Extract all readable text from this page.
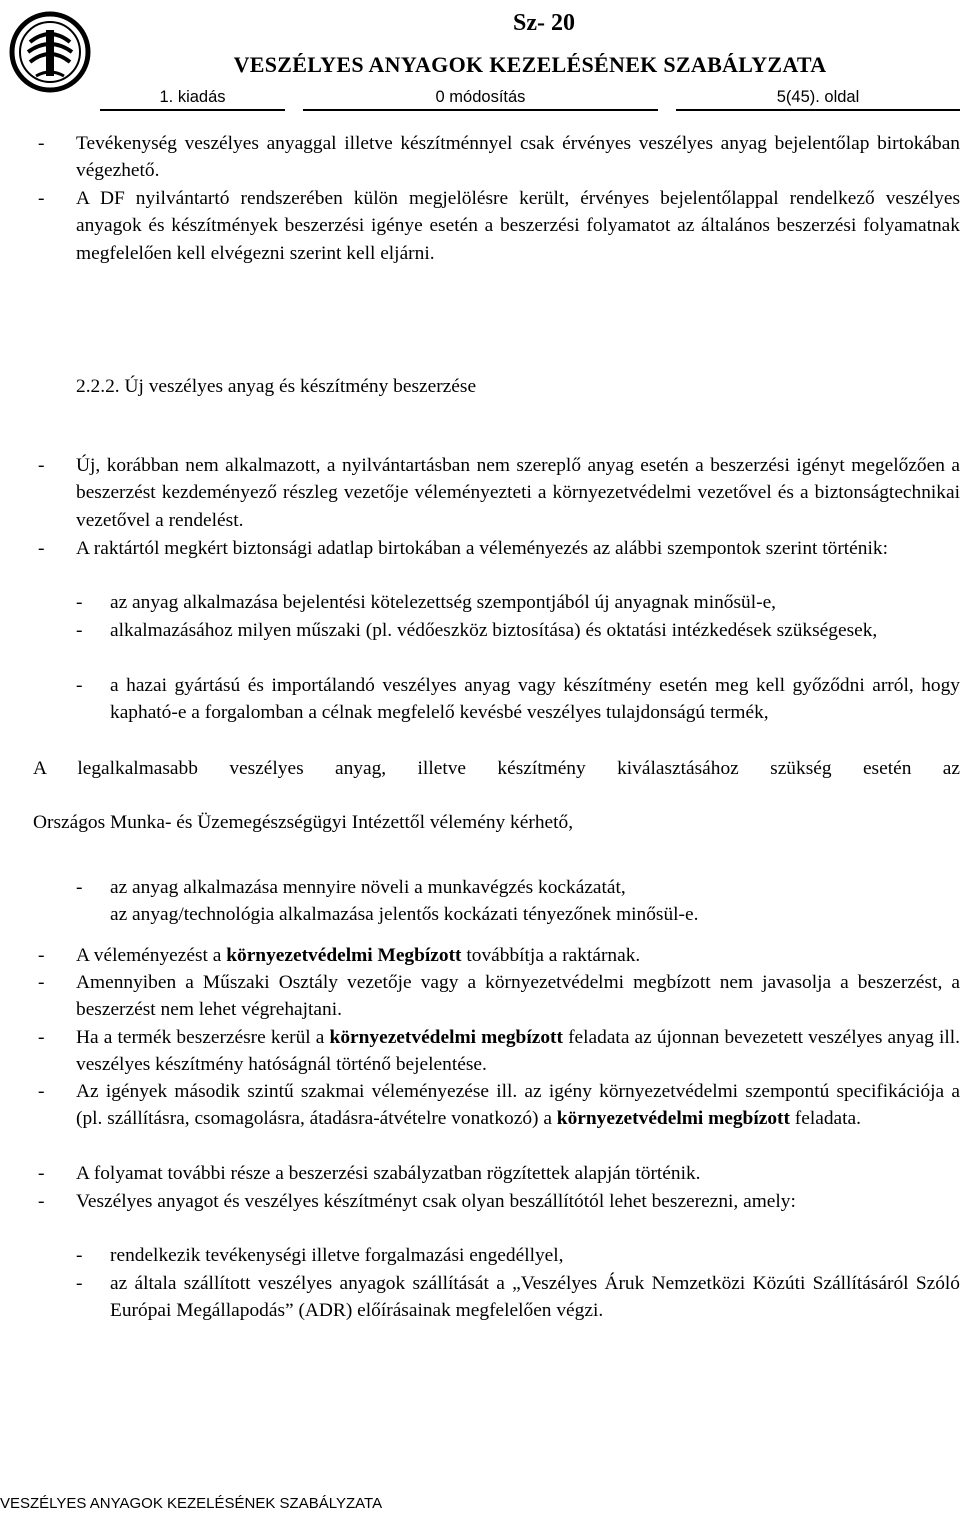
Sz- 20
VESZÉLYES ANYAGOK KEZELÉSÉNEK SZABÁLYZATA
1. kiadás	0 módosítás	5(45). oldal
-	Tevékenység veszélyes anyaggal illetve készítménnyel csak érvényes veszélyes anyag bejelentőlap birtokában végezhető.

-	A DF nyilvántartó rendszerében külön megjelölésre került, érvényes bejelentőlappal rendelkező veszélyes anyagok és készítmények beszerzési igénye esetén a beszerzési folyamatot az általános beszerzési folyamatnak megfelelően kell elvégezni szerint kell eljárni.

2.2.2. Új veszélyes anyag és készítmény beszerzése
-	Új, korábban nem alkalmazott, a nyilvántartásban nem szereplő anyag esetén a beszerzési igényt megelőzően a beszerzést kezdeményező részleg vezetője véleményezteti a környezetvédelmi vezetővel és a biztonságtechnikai vezetővel a rendelést.

-	A raktártól megkért biztonsági adatlap birtokában a véleményezés az alábbi szempontok szerint történik:

-	az anyag alkalmazása bejelentési kötelezettség szempontjából új anyagnak minősül-e,

-	alkalmazásához milyen műszaki (pl. védőeszköz biztosítása) és oktatási intézkedések szükségesek,

-	a hazai gyártású és importálandó veszélyes anyag vagy készítmény esetén meg kell győződni arról, hogy kapható-e a forgalomban a célnak megfelelő kevésbé veszélyes tulajdonságú termék,

A legalkalmasabb veszélyes anyag, illetve készítmény kiválasztásához szükség esetén az

Országos Munka- és Üzemegészségügyi Intézettől vélemény kérhető,

-	az anyag alkalmazása mennyire növeli a munkavégzés kockázatát,

az anyag/technológia alkalmazása jelentős kockázati tényezőnek minősül-e.

-	A véleményezést a környezetvédelmi Megbízott továbbítja a raktárnak.

-	Amennyiben a Műszaki Osztály vezetője vagy a környezetvédelmi megbízott nem javasolja a beszerzést, a beszerzést nem lehet végrehajtani.

-	Ha a termék beszerzésre kerül a környezetvédelmi megbízott feladata az újonnan bevezetett veszélyes anyag ill. veszélyes készítmény hatóságnál történő bejelentése.

-	Az igények második szintű szakmai véleményezése ill. az igény környezetvédelmi szempontú specifikációja a (pl. szállításra, csomagolásra, átadásra-átvételre vonatkozó) a környezetvédelmi megbízott feladata.

-	A folyamat további része a beszerzési szabályzatban rögzítettek alapján történik.

-	Veszélyes anyagot és veszélyes készítményt csak olyan beszállítótól lehet beszerezni, amely:

-	rendelkezik tevékenységi illetve forgalmazási engedéllyel,

-	az általa szállított veszélyes anyagok szállítását a „Veszélyes Áruk Nemzetközi Közúti Szállításáról Szóló Európai Megállapodás” (ADR) előírásainak megfelelően végzi.

VESZÉLYES ANYAGOK KEZELÉSÉNEK SZABÁLYZATA
